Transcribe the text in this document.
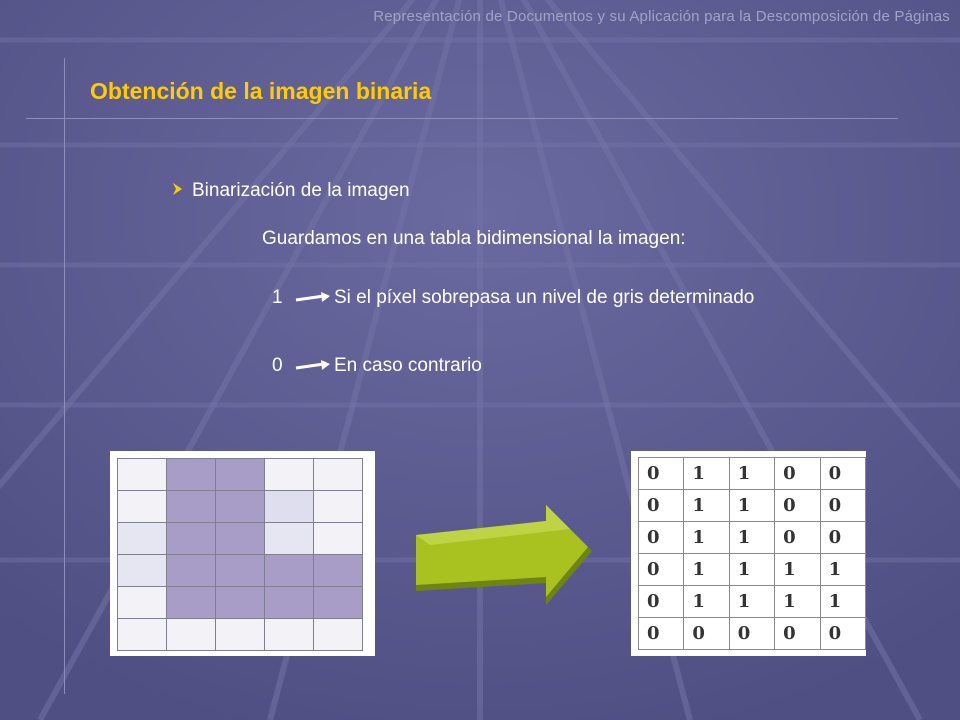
Representación de Documentos y su Aplicación para la Descomposición de Páginas
Obtención de la imagen binaria
Binarización de la imagen
Guardamos en una tabla bidimensional la imagen:
1	Si el píxel sobrepasa un nivel de gris determinado
0	En caso contrario

0	1	1	0	0
0	1	1	0	0
0	1	1	0	0
0	1	1	1	1
0	1	1	1	1
0	0	0	0	0
